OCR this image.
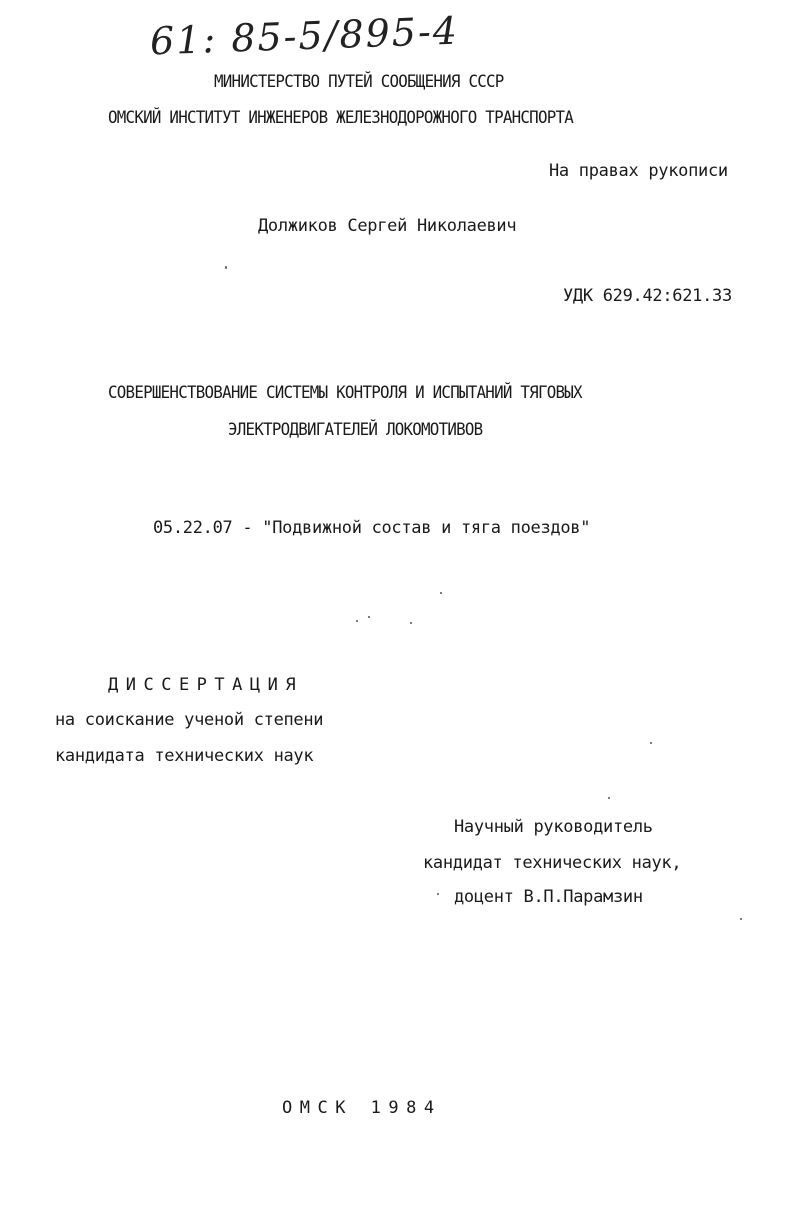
61: 85-5/895-4
МИНИСТЕРСТВО ПУТЕЙ СООБЩЕНИЯ СССР
ОМСКИЙ ИНСТИТУТ ИНЖЕНЕРОВ ЖЕЛЕЗНОДОРОЖНОГО ТРАНСПОРТА
На правах рукописи
Должиков Сергей Николаевич
УДК 629.42:621.33
СОВЕРШЕНСТВОВАНИЕ СИСТЕМЫ КОНТРОЛЯ И ИСПЫТАНИЙ ТЯГОВЫХ
ЭЛЕКТРОДВИГАТЕЛЕЙ ЛОКОМОТИВОВ
05.22.07 - "Подвижной состав и тяга поездов"
ДИССЕРТАЦИЯ
на соискание ученой степени
кандидата технических наук
Научный руководитель
кандидат технических наук,
доцент В.П.Парамзин
ОМСК 1984
